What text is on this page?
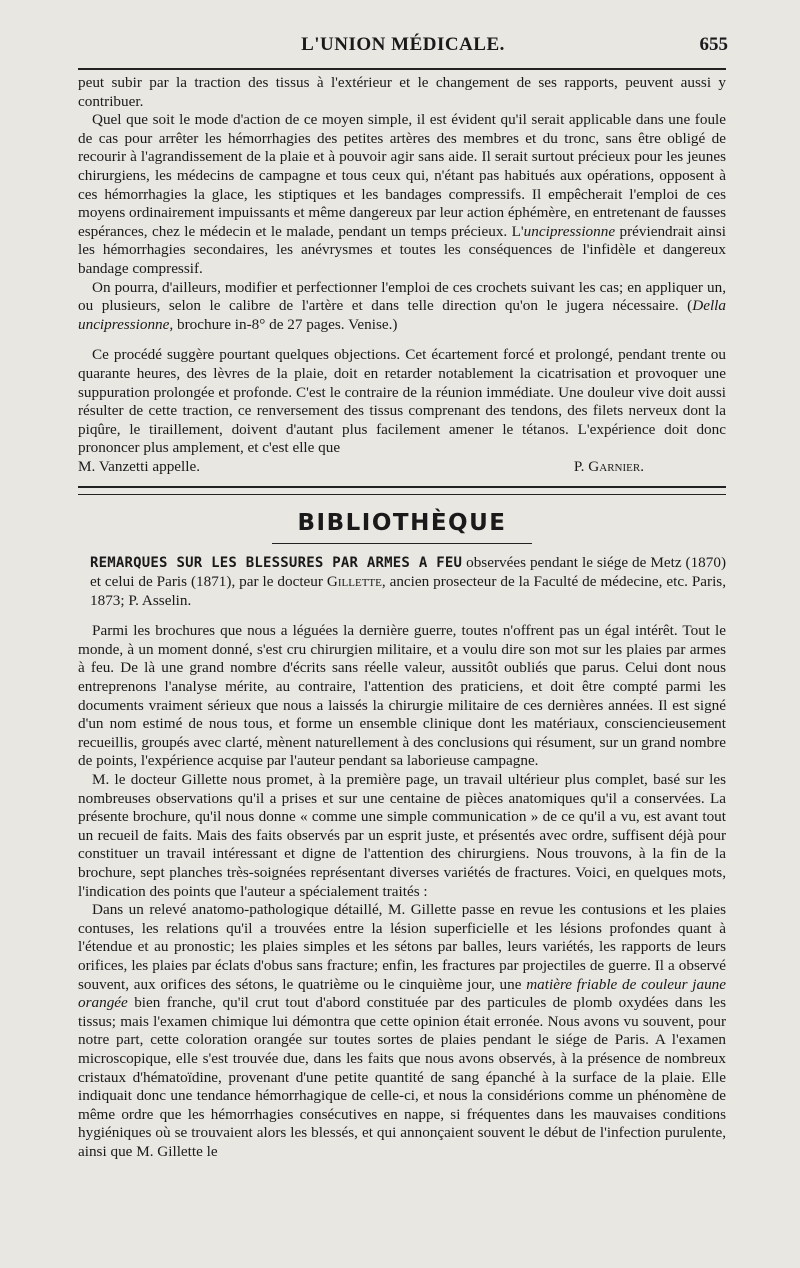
L'UNION MÉDICALE.	655

peut subir par la traction des tissus à l'extérieur et le changement de ses rapports, peuvent aussi y contribuer.

Quel que soit le mode d'action de ce moyen simple, il est évident qu'il serait applicable dans une foule de cas pour arrêter les hémorrhagies des petites artères des membres et du tronc, sans être obligé de recourir à l'agrandissement de la plaie et à pouvoir agir sans aide. Il serait surtout précieux pour les jeunes chirurgiens, les médecins de campagne et tous ceux qui, n'étant pas habitués aux opérations, opposent à ces hémorrhagies la glace, les stiptiques et les bandages compressifs. Il empêcherait l'emploi de ces moyens ordinairement impuissants et même dangereux par leur action éphémère, en entretenant de fausses espérances, chez le médecin et le malade, pendant un temps précieux. L'uncipressionne préviendrait ainsi les hémorrhagies secondaires, les anévrysmes et toutes les conséquences de l'infidèle et dangereux bandage compressif.

On pourra, d'ailleurs, modifier et perfectionner l'emploi de ces crochets suivant les cas; en appliquer un, ou plusieurs, selon le calibre de l'artère et dans telle direction qu'on le jugera nécessaire. (Della uncipressionne, brochure in-8° de 27 pages. Venise.)

Ce procédé suggère pourtant quelques objections. Cet écartement forcé et prolongé, pendant trente ou quarante heures, des lèvres de la plaie, doit en retarder notablement la cicatrisation et provoquer une suppuration prolongée et profonde. C'est le contraire de la réunion immédiate. Une douleur vive doit aussi résulter de cette traction, ce renversement des tissus comprenant des tendons, des filets nerveux dont la piqûre, le tiraillement, doivent d'autant plus facilement amener le tétanos. L'expérience doit donc prononcer plus amplement, et c'est elle que

M. Vanzetti appelle.	P. Garnier.
BIBLIOTHÈQUE

REMARQUES SUR LES BLESSURES PAR ARMES A FEU observées pendant le siége de Metz (1870) et celui de Paris (1871), par le docteur Gillette, ancien prosecteur de la Faculté de médecine, etc. Paris, 1873; P. Asselin.

Parmi les brochures que nous a léguées la dernière guerre, toutes n'offrent pas un égal intérêt. Tout le monde, à un moment donné, s'est cru chirurgien militaire, et a voulu dire son mot sur les plaies par armes à feu. De là une grand nombre d'écrits sans réelle valeur, aussitôt oubliés que parus. Celui dont nous entreprenons l'analyse mérite, au contraire, l'attention des praticiens, et doit être compté parmi les documents vraiment sérieux que nous a laissés la chirurgie militaire de ces dernières années. Il est signé d'un nom estimé de nous tous, et forme un ensemble clinique dont les matériaux, consciencieusement recueillis, groupés avec clarté, mènent naturellement à des conclusions qui résument, sur un grand nombre de points, l'expérience acquise par l'auteur pendant sa laborieuse campagne.

M. le docteur Gillette nous promet, à la première page, un travail ultérieur plus complet, basé sur les nombreuses observations qu'il a prises et sur une centaine de pièces anatomiques qu'il a conservées. La présente brochure, qu'il nous donne « comme une simple communication » de ce qu'il a vu, est avant tout un recueil de faits. Mais des faits observés par un esprit juste, et présentés avec ordre, suffisent déjà pour constituer un travail intéressant et digne de l'attention des chirurgiens. Nous trouvons, à la fin de la brochure, sept planches très-soignées représentant diverses variétés de fractures. Voici, en quelques mots, l'indication des points que l'auteur a spécialement traités :

Dans un relevé anatomo-pathologique détaillé, M. Gillette passe en revue les contusions et les plaies contuses, les relations qu'il a trouvées entre la lésion superficielle et les lésions profondes quant à l'étendue et au pronostic; les plaies simples et les sétons par balles, leurs variétés, les rapports de leurs orifices, les plaies par éclats d'obus sans fracture; enfin, les fractures par projectiles de guerre. Il a observé souvent, aux orifices des sétons, le quatrième ou le cinquième jour, une matière friable de couleur jaune orangée bien franche, qu'il crut tout d'abord constituée par des particules de plomb oxydées dans les tissus; mais l'examen chimique lui démontra que cette opinion était erronée. Nous avons vu souvent, pour notre part, cette coloration orangée sur toutes sortes de plaies pendant le siége de Paris. A l'examen microscopique, elle s'est trouvée due, dans les faits que nous avons observés, à la présence de nombreux cristaux d'hématoïdine, provenant d'une petite quantité de sang épanché à la surface de la plaie. Elle indiquait donc une tendance hémorrhagique de celle-ci, et nous la considérions comme un phénomène de même ordre que les hémorrhagies consécutives en nappe, si fréquentes dans les mauvaises conditions hygiéniques où se trouvaient alors les blessés, et qui annonçaient souvent le début de l'infection purulente, ainsi que M. Gillette le
